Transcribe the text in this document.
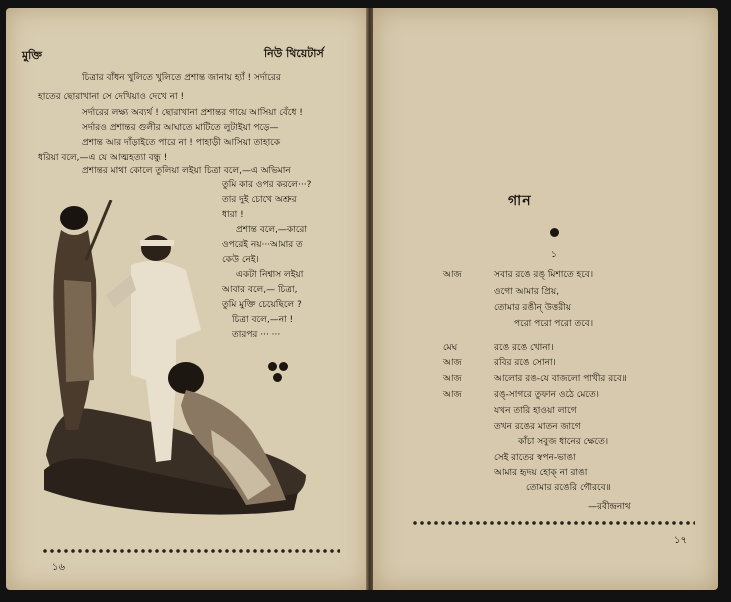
মুক্তি	নিউ থিয়েটার্স
চিত্রার বাঁধন খুলিতে খুলিতে প্রশান্ত জানায় হ্যাঁ ! সর্দারের
হাতের ছোরাখানা সে দেখিয়াও দেখে না !
সর্দারের লক্ষ্য অব্যর্থ ! ছোরাখানা প্রশান্তর গায়ে আসিয়া বেঁধে !
সর্দারও প্রশান্তর গুলীর আঘাতে মাটিতে লুটাইয়া পড়ে—
প্রশান্ত আর দাঁড়াইতে পারে না ! পাহাড়ী আসিয়া তাহাকে
ধরিয়া বলে,—এ যে আত্মহত্যা বন্ধু !
প্রশান্তর মাথা কোলে তুলিয়া লইয়া চিত্রা বলে,—এ অভিমান
তুমি কার ওপর করলে···?
তার দুই চোখে অশ্রুর
ধারা !
প্রশান্ত বলে,—কারো
ওপরেই নয়···আমার ত
কেউ নেই।
একটা নিশ্বাস লইয়া
আবার বলে,— চিত্রা,
তুমি মুক্তি চেয়েছিলে ?
চিত্রা বলে,—না !
তারপর ··· ···
১৬
গান
১
আজ	সবার রঙে রঙ্ মিশাতে হবে।
ওগো আমার প্রিয়,
তোমার রঙীন্ উত্তরীয়
পরো পরো পরো তবে।
মেঘ	রঙে রঙে খোনা।
আজ	রবির রঙে সোনা।
আজ	আলোর রঙ-যে বাজলো পাখীর রবে॥
আজ	রঙ্-সাগরে তুফান ওঠে মেতে।
যখন তারি হাওয়া লাগে
তখন রঙের মাতন জাগে
কাঁচা সবুজ ধানের ক্ষেতে।
সেই রাতের স্বপন-ভাঙা
আমার হৃদয় হোক্ না রাঙা
তোমার রঙেরি গৌরবে॥
—রবীন্দ্রনাথ
১৭
